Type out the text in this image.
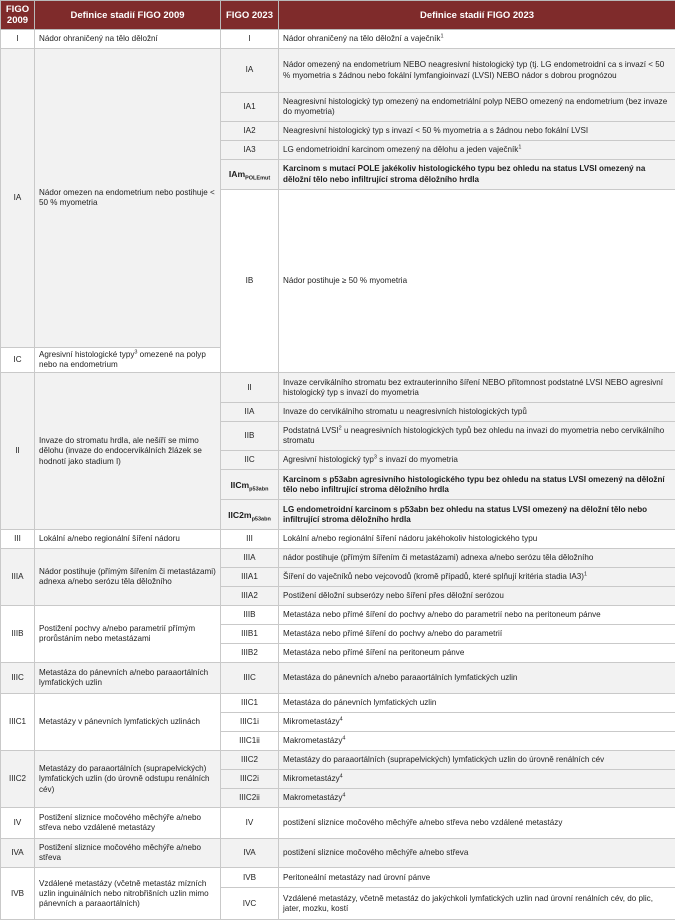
FIGO 2009	Definice stadií FIGO 2009	FIGO 2023	Definice stadií FIGO 2023	
I	Nádor ohraničený na tělo děložní	I	Nádor ohraničený na tělo děložní a vaječník$^1$
IA	Nádor omezen na endometrium nebo postihuje < 50 % myometria	IA	Nádor omezený na endometrium NEBO neagresivní histologický typ (tj. LG endometroidní ca s invazí < 50 % myometria s žádnou nebo fokální lymfangioinvazí (LVSI) NEBO nádor s dobrou prognózou	
		IA1	Neagresivní histologický typ omezený na endometriální polyp NEBO omezený na endometrium (bez invaze do myometria)	
		IA2	Neagresivní histologický typ s invazí < 50 % myometria a s žádnou nebo fokální LVSI	
		IA3	LG endometrioidní karcinom omezený na dělohu a jeden vaječník$^1$
		IAm$_{POLEmut}$	Karcinom s mutací POLE jakékoliv histologického typu bez ohledu na status LVSI omezený na děložní tělo nebo infiltrující stroma děložního hrdla	
		IB	Nádor postihuje ≥ 50 % myometria		
IC	Agresivní histologické typy$^3$ omezené na polyp nebo na endometrium			
II	Invaze do stromatu hrdla, ale nešíří se mimo dělohu (invaze do endocervikálních žlázek se hodnotí jako stadium I)	II	Invaze cervikálního stromatu bez extrauterinního šíření NEBO přítomnost podstatné LVSI NEBO agresivní histologický typ s invazí do myometria	
		IIA	Invaze do cervikálního stromatu u neagresivních histologických typů	
		IIB	Podstatná LVSI$^2$ u neagresivních histologických typů bez ohledu na invazi do myometria nebo cervikálního stromatu	
		IIC	Agresivní histologický typ$^3$ s invazí do myometria	
		IICm$_{p53abn}$	Karcinom s p53abn agresivního histologického typu bez ohledu na status LVSI omezený na děložní tělo nebo infiltrující stroma děložního hrdla	
		$IIC2m_{p53abn}$	LG endometroidní karcinom s p53abn bez ohledu na status LVSI omezený na děložní tělo nebo infiltrující stroma děložního hrdla	
III	Lokální a/nebo regionální šíření nádoru	III	Lokální a/nebo regionální šíření nádoru jakéhokoliv histologického typu	
IIIA	Nádor postihuje (přímým šířením či metastázami) adnexa a/nebo serózu těla děložního	IIIA	nádor postihuje (přímým šířením či metastázami) adnexa a/nebo serózu těla děložního	
		IIIA1	Šíření do vaječníků nebo vejcovodů (kromě případů, které splňují kritéria stadia IA3)$^1$
		IIIA2	Postižení děložní subserózy nebo šíření přes děložní serózou	
IIIB	Postižení pochvy a/nebo parametrií přímým prorůstáním nebo metastázami	IIIB	Metastáza nebo přímé šíření do pochvy a/nebo do parametrií nebo na peritoneum pánve	
		IIIB1	Metastáza nebo přímé šíření do pochvy a/nebo do parametrií	
		IIIB2	Metastáza nebo přímé šíření na peritoneum pánve	
IIIC	Metastáza do pánevních a/nebo paraaortálních lymfatických uzlin	IIIC	Metastáza do pánevních a/nebo paraaortálních lymfatických uzlin	
IIIC1	Metastázy v pánevních lymfatických uzlinách	IIIC1	Metastáza do pánevních lymfatických uzlin	
		IIIC1i	Mikrometastázy$^4$
		IIIC1ii	Makrometastázy$^4$
IIIC2	Metastázy do paraaortálních (suprapelvických) lymfatických uzlin (do úrovně odstupu renálních cév)	IIIC2	Metastázy do paraaortálních (suprapelvických) lymfatických uzlin do úrovně renálních cév	
		IIIC2i	Mikrometastázy$^4$
		IIIC2ii	Makrometastázy$^4$
IV	Postižení sliznice močového měchýře a/nebo střeva nebo vzdálené metastázy	IV	postižení sliznice močového měchýře a/nebo střeva nebo vzdálené metastázy	
IVA	Postižení sliznice močového měchýře a/nebo střeva	IVA	postižení sliznice močového měchýře a/nebo střeva	
IVB	Vzdálené metastázy (včetně metastáz mízních uzlin inguinálních nebo nitrobřišních uzlin mimo pánevních a paraaortálních)	IVB	Peritoneální metastázy nad úrovní pánve	
		IVC	Vzdálené metastázy, včetně metastáz do jakýchkoli lymfatických uzlin nad úrovní renálních cév, do plic, jater, mozku, kostí	
